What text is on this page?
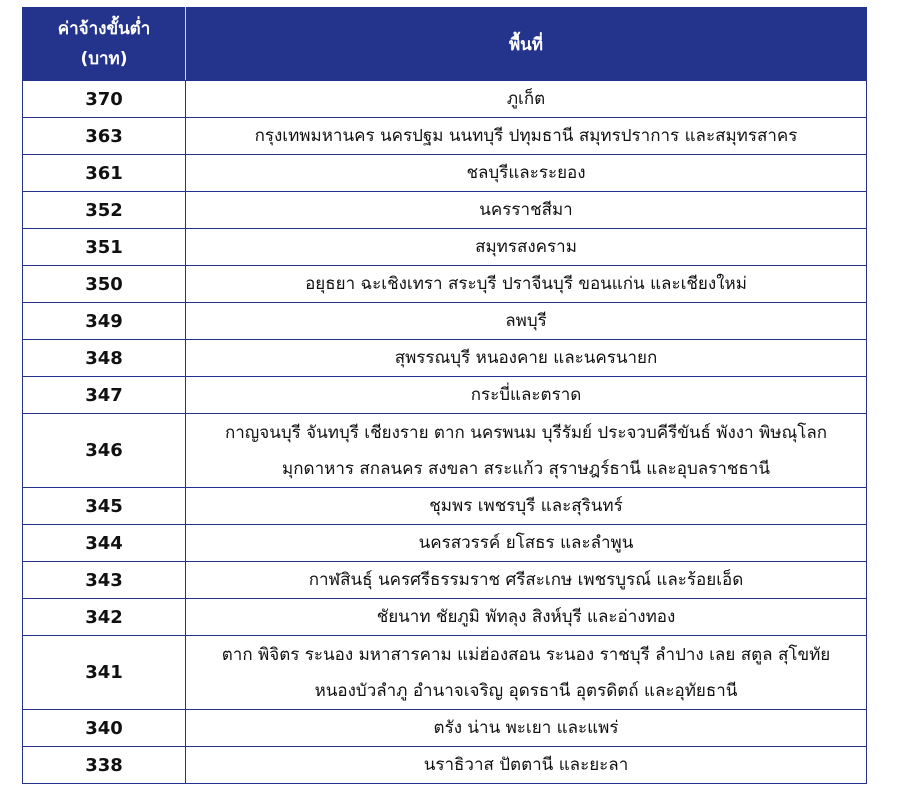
ค่าจ้างขั้นต่ำ
(บาท)	พื้นที่
370	ภูเก็ต

363	กรุงเทพมหานคร นครปฐม นนทบุรี ปทุมธานี สมุทรปราการ และสมุทรสาคร

361	ชลบุรีและระยอง

352	นครราชสีมา

351	สมุทรสงคราม

350	อยุธยา ฉะเชิงเทรา สระบุรี ปราจีนบุรี ขอนแก่น และเชียงใหม่

349	ลพบุรี

348	สุพรรณบุรี หนองคาย และนครนายก

347	กระบี่และตราด

346	กาญจนบุรี จันทบุรี เชียงราย ตาก นครพนม บุรีรัมย์ ประจวบคีรีขันธ์ พังงา พิษณุโลก
มุกดาหาร สกลนคร สงขลา สระแก้ว สุราษฎร์ธานี และอุบลราชธานี

345	ชุมพร เพชรบุรี และสุรินทร์

344	นครสวรรค์ ยโสธร และลำพูน

343	กาฬสินธุ์ นครศรีธรรมราช ศรีสะเกษ เพชรบูรณ์ และร้อยเอ็ด

342	ชัยนาท ชัยภูมิ พัทลุง สิงห์บุรี และอ่างทอง

341	ตาก พิจิตร ระนอง มหาสารคาม แม่ฮ่องสอน ระนอง ราชบุรี ลำปาง เลย สตูล สุโขทัย
หนองบัวลำภู อำนาจเจริญ อุดรธานี อุตรดิตถ์ และอุทัยธานี

340	ตรัง น่าน พะเยา และแพร่

338	นราธิวาส ปัตตานี และยะลา
